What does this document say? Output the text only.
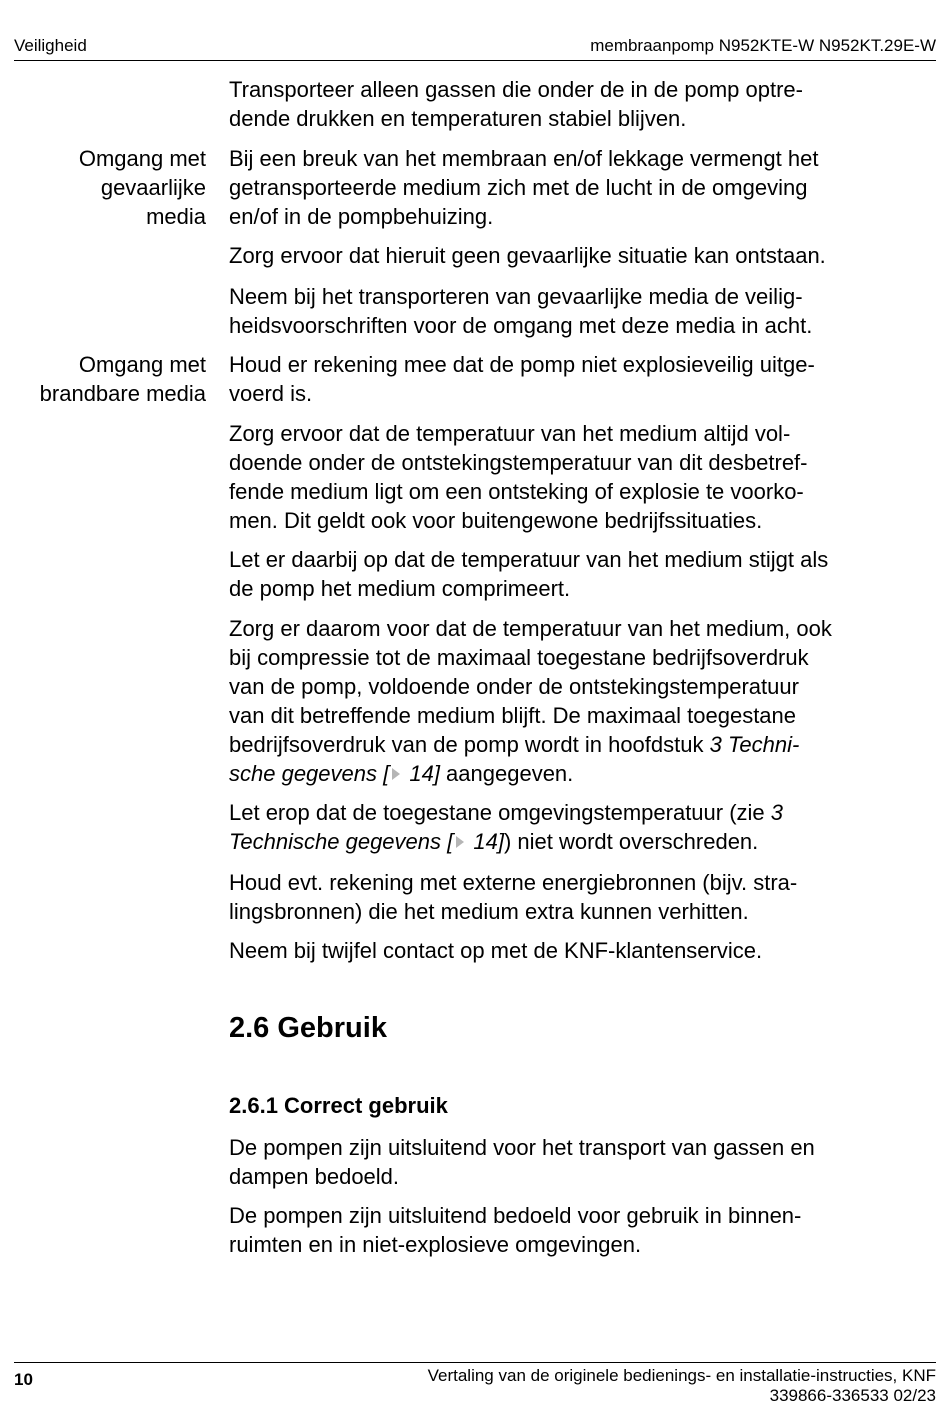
Veiligheid	membraanpomp N952KTE-W N952KT.29E-W

Transporteer alleen gassen die onder de in de pomp optre-
dende drukken en temperaturen stabiel blijven.

Omgang met
gevaarlijke
media

Bij een breuk van het membraan en/of lekkage vermengt het
getransporteerde medium zich met de lucht in de omgeving
en/of in de pompbehuizing.

Zorg ervoor dat hieruit geen gevaarlijke situatie kan ontstaan.

Neem bij het transporteren van gevaarlijke media de veilig-
heidsvoorschriften voor de omgang met deze media in acht.

Omgang met
brandbare media

Houd er rekening mee dat de pomp niet explosieveilig uitge-
voerd is.

Zorg ervoor dat de temperatuur van het medium altijd vol-
doende onder de ontstekingstemperatuur van dit desbetref-
fende medium ligt om een ontsteking of explosie te voorko-
men. Dit geldt ook voor buitengewone bedrijfssituaties.

Let er daarbij op dat de temperatuur van het medium stijgt als
de pomp het medium comprimeert.

Zorg er daarom voor dat de temperatuur van het medium, ook
bij compressie tot de maximaal toegestane bedrijfsoverdruk
van de pomp, voldoende onder de ontstekingstemperatuur
van dit betreffende medium blijft. De maximaal toegestane
bedrijfsoverdruk van de pomp wordt in hoofdstuk 3 Techni-
sche gegevens [ 14] aangegeven.

Let erop dat de toegestane omgevingstemperatuur (zie 3
Technische gegevens [ 14]) niet wordt overschreden.

Houd evt. rekening met externe energiebronnen (bijv. stra-
lingsbronnen) die het medium extra kunnen verhitten.

Neem bij twijfel contact op met de KNF-klantenservice.

2.6 Gebruik
2.6.1 Correct gebruik

De pompen zijn uitsluitend voor het transport van gassen en
dampen bedoeld.

De pompen zijn uitsluitend bedoeld voor gebruik in binnen-
ruimten en in niet-explosieve omgevingen.

10	Vertaling van de originele bedienings- en installatie-instructies, KNF
339866-336533 02/23
